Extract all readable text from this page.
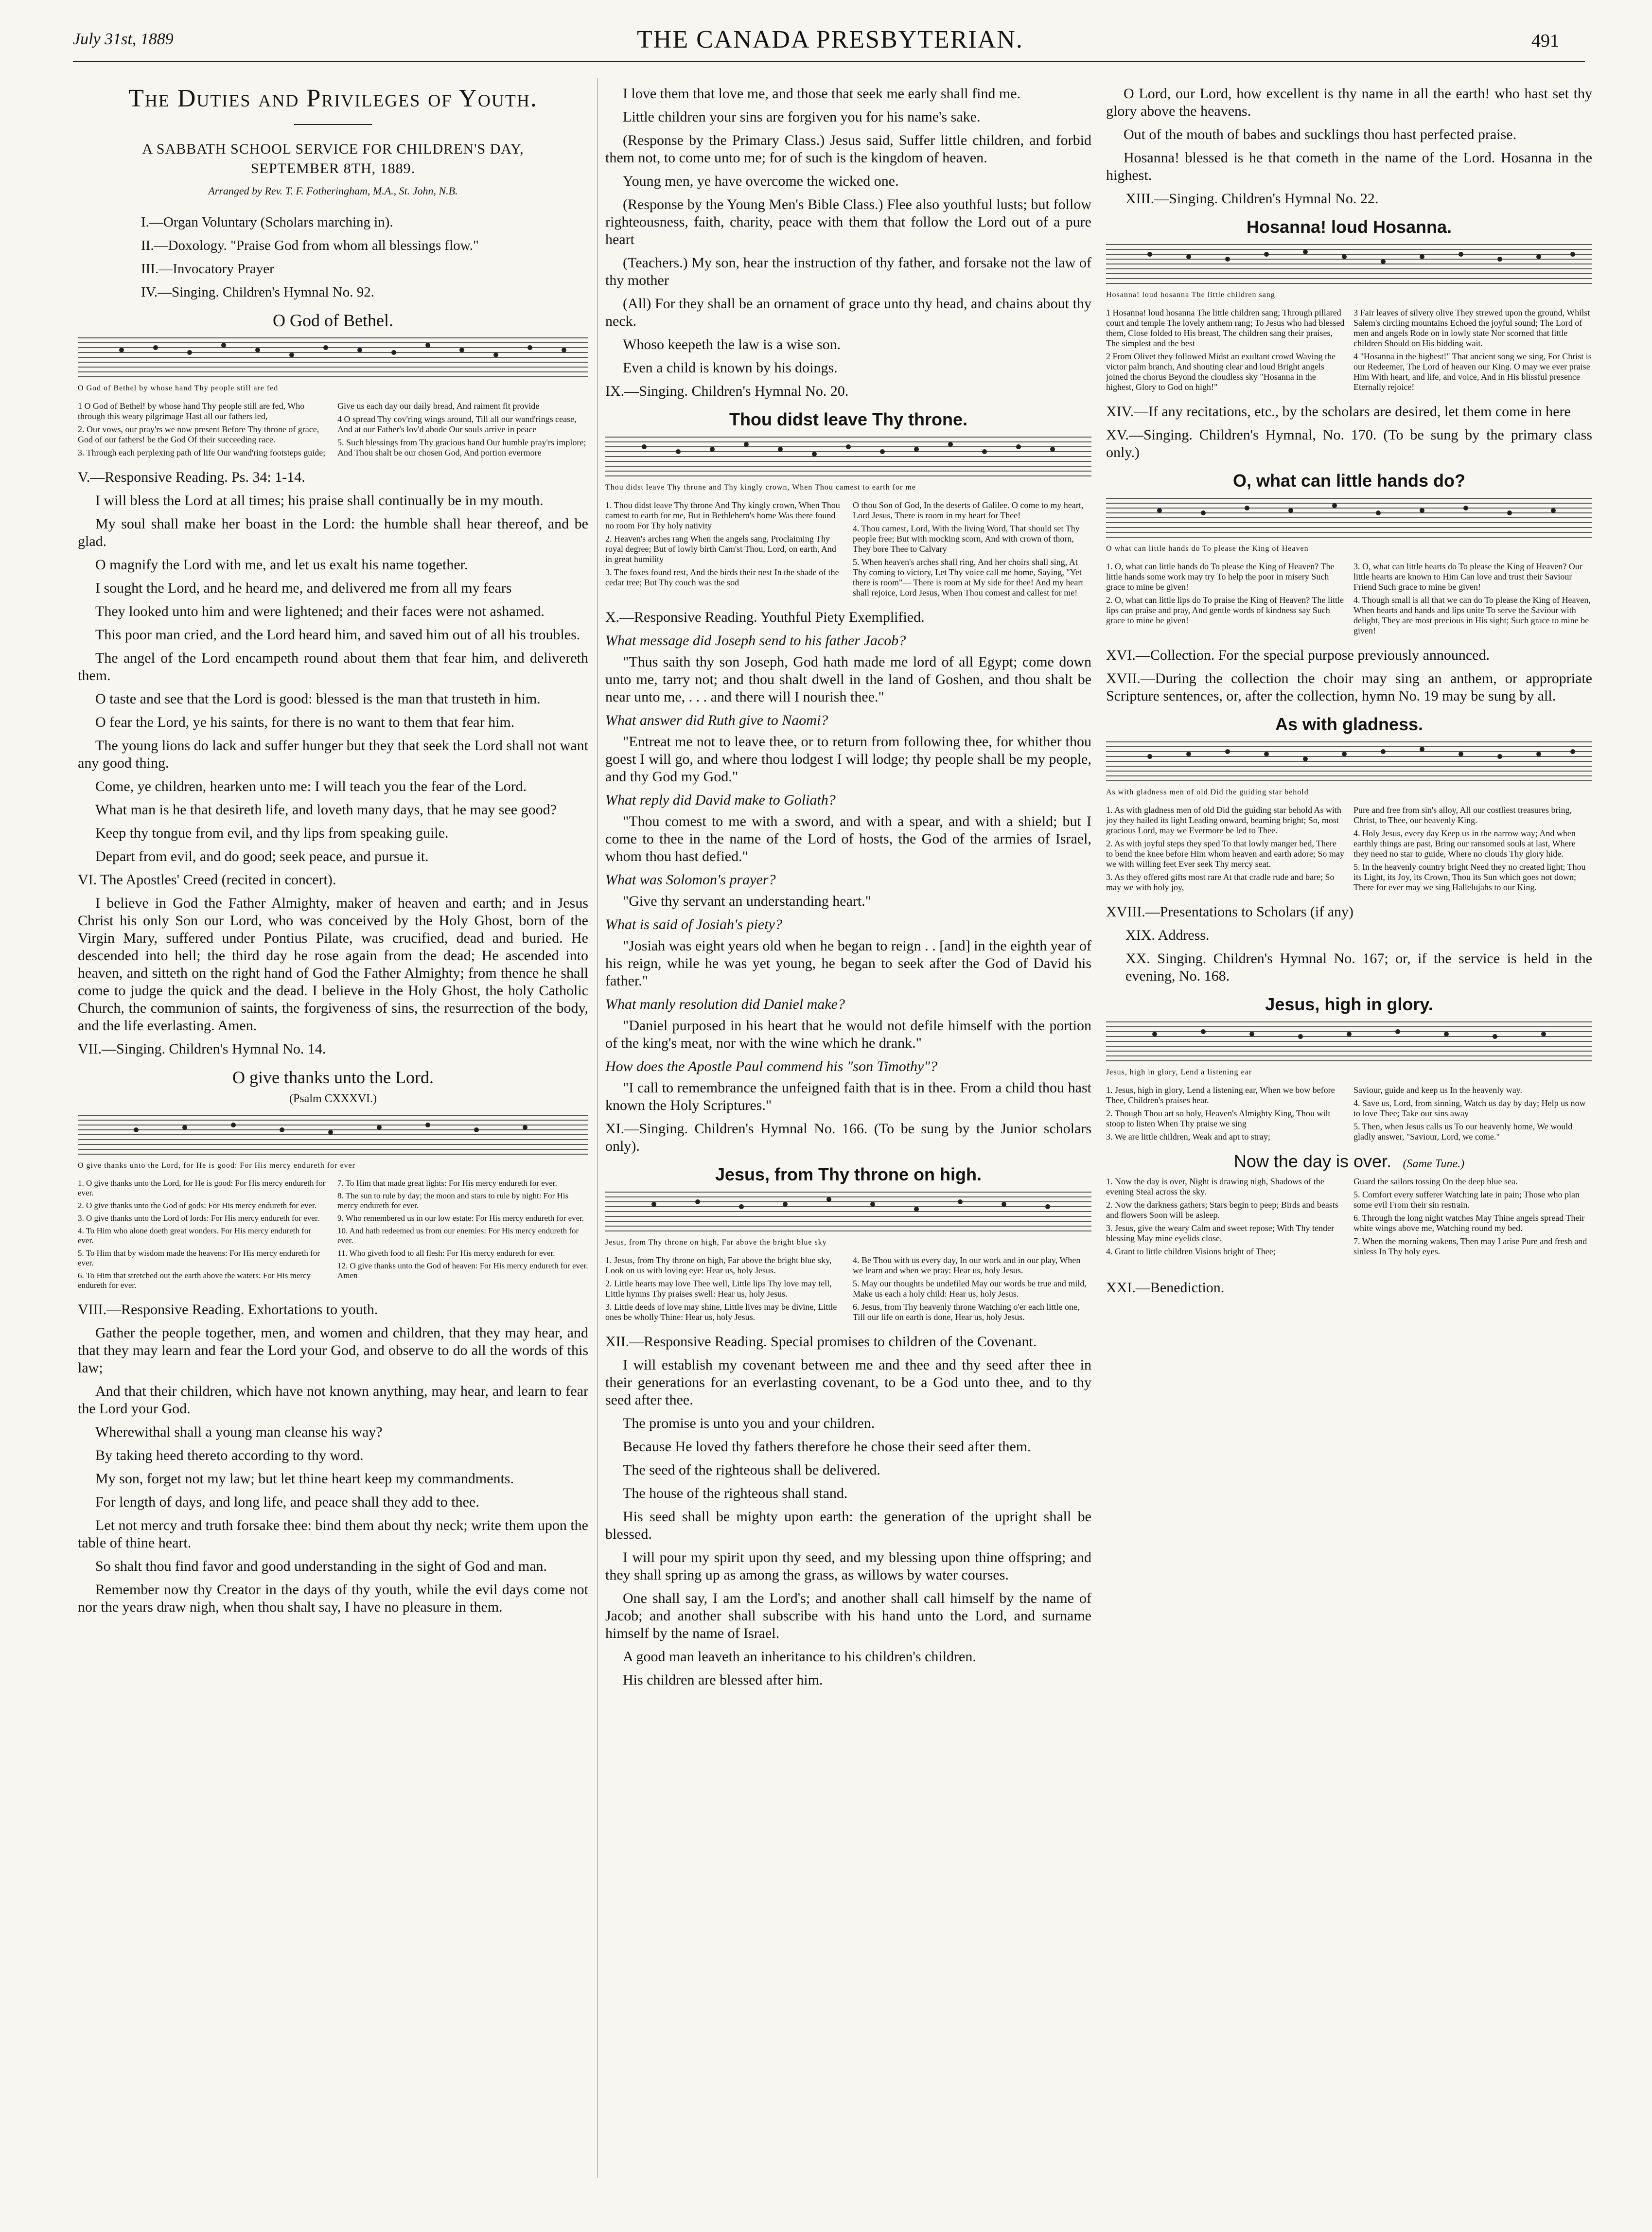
July 31st, 1889	THE CANADA PRESBYTERIAN.	491
The Duties and Privileges of Youth.
A SABBATH SCHOOL SERVICE FOR CHILDREN'S DAY, SEPTEMBER 8TH, 1889.
Arranged by Rev. T. F. Fotheringham, M.A., St. John, N.B.

I.—Organ Voluntary (Scholars marching in).

II.—Doxology. "Praise God from whom all blessings flow."

III.—Invocatory Prayer

IV.—Singing. Children's Hymnal No. 92.

O God of Bethel.
O God of Bethel by whose hand Thy people still are fed
1 O God of Bethel! by whose hand Thy people still are fed, Who through this weary pilgrimage Hast all our fathers led,
2. Our vows, our pray'rs we now present Before Thy throne of grace, God of our fathers! be the God Of their succeeding race.
3. Through each perplexing path of life Our wand'ring footsteps guide;
Give us each day our daily bread, And raiment fit provide
4 O spread Thy cov'ring wings around, Till all our wand'rings cease, And at our Father's lov'd abode Our souls arrive in peace
5. Such blessings from Thy gracious hand Our humble pray'rs implore; And Thou shalt be our chosen God, And portion evermore

V.—Responsive Reading. Ps. 34: 1-14.

I will bless the Lord at all times; his praise shall continually be in my mouth.

My soul shall make her boast in the Lord: the humble shall hear thereof, and be glad.

O magnify the Lord with me, and let us exalt his name together.

I sought the Lord, and he heard me, and delivered me from all my fears

They looked unto him and were lightened; and their faces were not ashamed.

This poor man cried, and the Lord heard him, and saved him out of all his troubles.

The angel of the Lord encampeth round about them that fear him, and delivereth them.

O taste and see that the Lord is good: blessed is the man that trusteth in him.

O fear the Lord, ye his saints, for there is no want to them that fear him.

The young lions do lack and suffer hunger but they that seek the Lord shall not want any good thing.

Come, ye children, hearken unto me: I will teach you the fear of the Lord.

What man is he that desireth life, and loveth many days, that he may see good?

Keep thy tongue from evil, and thy lips from speaking guile.

Depart from evil, and do good; seek peace, and pursue it.

VI. The Apostles' Creed (recited in concert).

I believe in God the Father Almighty, maker of heaven and earth; and in Jesus Christ his only Son our Lord, who was conceived by the Holy Ghost, born of the Virgin Mary, suffered under Pontius Pilate, was crucified, dead and buried. He descended into hell; the third day he rose again from the dead; He ascended into heaven, and sitteth on the right hand of God the Father Almighty; from thence he shall come to judge the quick and the dead. I believe in the Holy Ghost, the holy Catholic Church, the communion of saints, the forgiveness of sins, the resurrection of the body, and the life everlasting. Amen.

VII.—Singing. Children's Hymnal No. 14.

O give thanks unto the Lord.
(Psalm CXXXVI.)
O give thanks unto the Lord, for He is good: For His mercy endureth for ever
1. O give thanks unto the Lord, for He is good: For His mercy endureth for ever.
2. O give thanks unto the God of gods: For His mercy endureth for ever.
3. O give thanks unto the Lord of lords: For His mercy endureth for ever.
4. To Him who alone doeth great wonders. For His mercy endureth for ever.
5. To Him that by wisdom made the heavens: For His mercy endureth for ever.
6. To Him that stretched out the earth above the waters: For His mercy endureth for ever.
7. To Him that made great lights: For His mercy endureth for ever.
8. The sun to rule by day; the moon and stars to rule by night: For His mercy endureth for ever.
9. Who remembered us in our low estate: For His mercy endureth for ever.
10. And hath redeemed us from our enemies: For His mercy endureth for ever.
11. Who giveth food to all flesh: For His mercy endureth for ever.
12. O give thanks unto the God of heaven: For His mercy endureth for ever. Amen

VIII.—Responsive Reading. Exhortations to youth.

Gather the people together, men, and women and children, that they may hear, and that they may learn and fear the Lord your God, and observe to do all the words of this law;

And that their children, which have not known anything, may hear, and learn to fear the Lord your God.

Wherewithal shall a young man cleanse his way?

By taking heed thereto according to thy word.

My son, forget not my law; but let thine heart keep my commandments.

For length of days, and long life, and peace shall they add to thee.

Let not mercy and truth forsake thee: bind them about thy neck; write them upon the table of thine heart.

So shalt thou find favor and good understanding in the sight of God and man.

Remember now thy Creator in the days of thy youth, while the evil days come not nor the years draw nigh, when thou shalt say, I have no pleasure in them.

I love them that love me, and those that seek me early shall find me.

Little children your sins are forgiven you for his name's sake.

(Response by the Primary Class.) Jesus said, Suffer little children, and forbid them not, to come unto me; for of such is the kingdom of heaven.

Young men, ye have overcome the wicked one.

(Response by the Young Men's Bible Class.) Flee also youthful lusts; but follow righteousness, faith, charity, peace with them that follow the Lord out of a pure heart

(Teachers.) My son, hear the instruction of thy father, and forsake not the law of thy mother

(All) For they shall be an ornament of grace unto thy head, and chains about thy neck.

Whoso keepeth the law is a wise son.

Even a child is known by his doings.

IX.—Singing. Children's Hymnal No. 20.

Thou didst leave Thy throne.
Thou didst leave Thy throne and Thy kingly crown, When Thou camest to earth for me
1. Thou didst leave Thy throne And Thy kingly crown, When Thou camest to earth for me, But in Bethlehem's home Was there found no room For Thy holy nativity
2. Heaven's arches rang When the angels sang, Proclaiming Thy royal degree; But of lowly birth Cam'st Thou, Lord, on earth, And in great humility
3. The foxes found rest, And the birds their nest In the shade of the cedar tree; But Thy couch was the sod
O thou Son of God, In the deserts of Galilee. O come to my heart, Lord Jesus, There is room in my heart for Thee!
4. Thou camest, Lord, With the living Word, That should set Thy people free; But with mocking scorn, And with crown of thorn, They bore Thee to Calvary
5. When heaven's arches shall ring, And her choirs shall sing, At Thy coming to victory, Let Thy voice call me home, Saying, "Yet there is room"— There is room at My side for thee! And my heart shall rejoice, Lord Jesus, When Thou comest and callest for me!

X.—Responsive Reading. Youthful Piety Exemplified.

What message did Joseph send to his father Jacob?

"Thus saith thy son Joseph, God hath made me lord of all Egypt; come down unto me, tarry not; and thou shalt dwell in the land of Goshen, and thou shalt be near unto me, . . . and there will I nourish thee."

What answer did Ruth give to Naomi?

"Entreat me not to leave thee, or to return from following thee, for whither thou goest I will go, and where thou lodgest I will lodge; thy people shall be my people, and thy God my God."

What reply did David make to Goliath?

"Thou comest to me with a sword, and with a spear, and with a shield; but I come to thee in the name of the Lord of hosts, the God of the armies of Israel, whom thou hast defied."

What was Solomon's prayer?

"Give thy servant an understanding heart."

What is said of Josiah's piety?

"Josiah was eight years old when he began to reign . . [and] in the eighth year of his reign, while he was yet young, he began to seek after the God of David his father."

What manly resolution did Daniel make?

"Daniel purposed in his heart that he would not defile himself with the portion of the king's meat, nor with the wine which he drank."

How does the Apostle Paul commend his "son Timothy"?

"I call to remembrance the unfeigned faith that is in thee. From a child thou hast known the Holy Scriptures."

XI.—Singing. Children's Hymnal No. 166. (To be sung by the Junior scholars only).

Jesus, from Thy throne on high.
Jesus, from Thy throne on high, Far above the bright blue sky
1. Jesus, from Thy throne on high, Far above the bright blue sky, Look on us with loving eye: Hear us, holy Jesus.
2. Little hearts may love Thee well, Little lips Thy love may tell, Little hymns Thy praises swell: Hear us, holy Jesus.
3. Little deeds of love may shine, Little lives may be divine, Little ones be wholly Thine: Hear us, holy Jesus.
4. Be Thou with us every day, In our work and in our play, When we learn and when we pray: Hear us, holy Jesus.
5. May our thoughts be undefiled May our words be true and mild, Make us each a holy child: Hear us, holy Jesus.
6. Jesus, from Thy heavenly throne Watching o'er each little one, Till our life on earth is done, Hear us, holy Jesus.

XII.—Responsive Reading. Special promises to children of the Covenant.

I will establish my covenant between me and thee and thy seed after thee in their generations for an everlasting covenant, to be a God unto thee, and to thy seed after thee.

The promise is unto you and your children.

Because He loved thy fathers therefore he chose their seed after them.

The seed of the righteous shall be delivered.

The house of the righteous shall stand.

His seed shall be mighty upon earth: the generation of the upright shall be blessed.

I will pour my spirit upon thy seed, and my blessing upon thine offspring; and they shall spring up as among the grass, as willows by water courses.

One shall say, I am the Lord's; and another shall call himself by the name of Jacob; and another shall subscribe with his hand unto the Lord, and surname himself by the name of Israel.

A good man leaveth an inheritance to his children's children.

His children are blessed after him.

O Lord, our Lord, how excellent is thy name in all the earth! who hast set thy glory above the heavens.

Out of the mouth of babes and sucklings thou hast perfected praise.

Hosanna! blessed is he that cometh in the name of the Lord. Hosanna in the highest.

XIII.—Singing. Children's Hymnal No. 22.

Hosanna! loud Hosanna.
Hosanna! loud hosanna The little children sang
1 Hosanna! loud hosanna The little children sang; Through pillared court and temple The lovely anthem rang; To Jesus who had blessed them, Close folded to His breast, The children sang their praises, The simplest and the best
2 From Olivet they followed Midst an exultant crowd Waving the victor palm branch, And shouting clear and loud Bright angels joined the chorus Beyond the cloudless sky "Hosanna in the highest, Glory to God on high!"
3 Fair leaves of silvery olive They strewed upon the ground, Whilst Salem's circling mountains Echoed the joyful sound; The Lord of men and angels Rode on in lowly state Nor scorned that little children Should on His bidding wait.
4 "Hosanna in the highest!" That ancient song we sing, For Christ is our Redeemer, The Lord of heaven our King. O may we ever praise Him With heart, and life, and voice, And in His blissful presence Eternally rejoice!

XIV.—If any recitations, etc., by the scholars are desired, let them come in here

XV.—Singing. Children's Hymnal, No. 170. (To be sung by the primary class only.)

O, what can little hands do?
O what can little hands do To please the King of Heaven
1. O, what can little hands do To please the King of Heaven? The little hands some work may try To help the poor in misery Such grace to mine be given!
2. O, what can little lips do To praise the King of Heaven? The little lips can praise and pray, And gentle words of kindness say Such grace to mine be given!
3. O, what can little hearts do To please the King of Heaven? Our little hearts are known to Him Can love and trust their Saviour Friend Such grace to mine be given!
4. Though small is all that we can do To please the King of Heaven, When hearts and hands and lips unite To serve the Saviour with delight, They are most precious in His sight; Such grace to mine be given!

XVI.—Collection. For the special purpose previously announced.

XVII.—During the collection the choir may sing an anthem, or appropriate Scripture sentences, or, after the collection, hymn No. 19 may be sung by all.

As with gladness.
As with gladness men of old Did the guiding star behold
1. As with gladness men of old Did the guiding star behold As with joy they hailed its light Leading onward, beaming bright; So, most gracious Lord, may we Evermore be led to Thee.
2. As with joyful steps they sped To that lowly manger bed, There to bend the knee before Him whom heaven and earth adore; So may we with willing feet Ever seek Thy mercy seat.
3. As they offered gifts most rare At that cradle rude and bare; So may we with holy joy,
Pure and free from sin's alloy, All our costliest treasures bring, Christ, to Thee, our heavenly King.
4. Holy Jesus, every day Keep us in the narrow way; And when earthly things are past, Bring our ransomed souls at last, Where they need no star to guide, Where no clouds Thy glory hide.
5. In the heavenly country bright Need they no created light; Thou its Light, its Joy, its Crown, Thou its Sun which goes not down; There for ever may we sing Hallelujahs to our King.

XVIII.—Presentations to Scholars (if any)

XIX. Address.

XX. Singing. Children's Hymnal No. 167; or, if the service is held in the evening, No. 168.

Jesus, high in glory.
Jesus, high in glory, Lend a listening ear
1. Jesus, high in glory, Lend a listening ear, When we bow before Thee, Children's praises hear.
2. Though Thou art so holy, Heaven's Almighty King, Thou wilt stoop to listen When Thy praise we sing
3. We are little children, Weak and apt to stray;
Saviour, guide and keep us In the heavenly way.
4. Save us, Lord, from sinning, Watch us day by day; Help us now to love Thee; Take our sins away
5. Then, when Jesus calls us To our heavenly home, We would gladly answer, "Saviour, Lord, we come."
Now the day is over. (Same Tune.)
1. Now the day is over, Night is drawing nigh, Shadows of the evening Steal across the sky.
2. Now the darkness gathers; Stars begin to peep; Birds and beasts and flowers Soon will be asleep.
3. Jesus, give the weary Calm and sweet repose; With Thy tender blessing May mine eyelids close.
4. Grant to little children Visions bright of Thee;
Guard the sailors tossing On the deep blue sea.
5. Comfort every sufferer Watching late in pain; Those who plan some evil From their sin restrain.
6. Through the long night watches May Thine angels spread Their white wings above me, Watching round my bed.
7. When the morning wakens, Then may I arise Pure and fresh and sinless In Thy holy eyes.

XXI.—Benediction.
